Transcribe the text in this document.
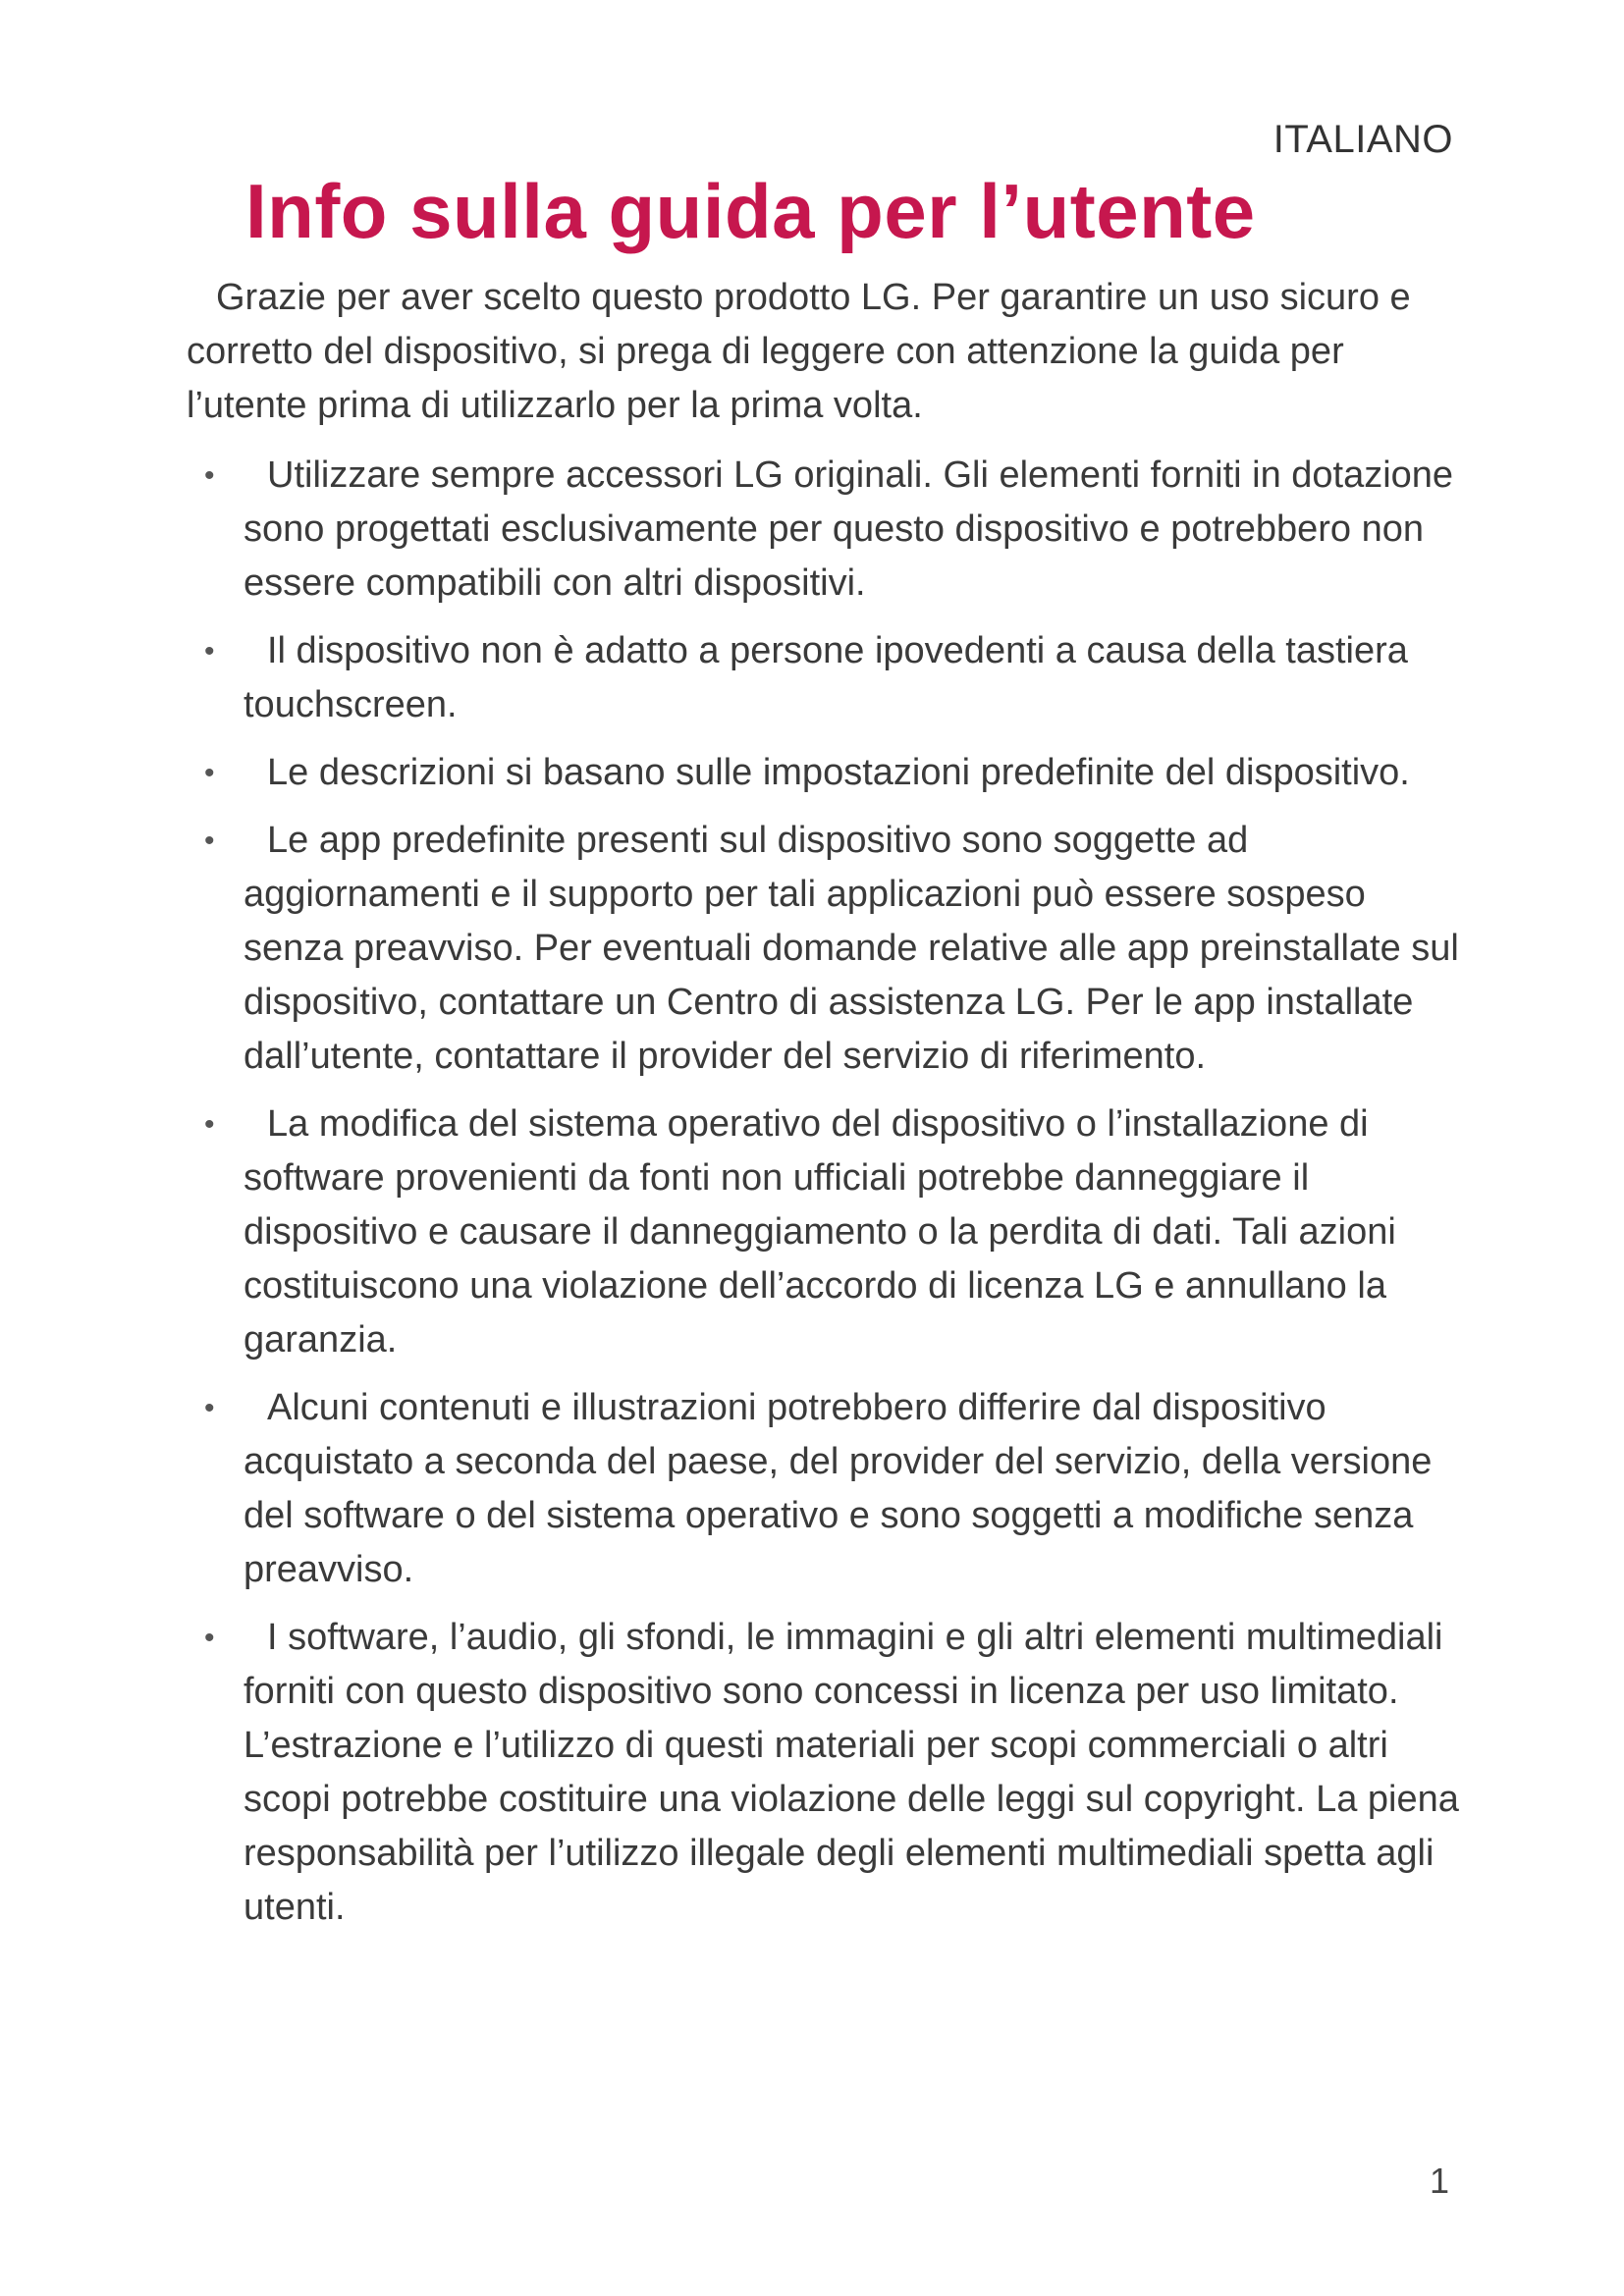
ITALIANO
Info sulla guida per l’utente

Grazie per aver scelto questo prodotto LG. Per garantire un uso sicuro e corretto del dispositivo, si prega di leggere con attenzione la guida per l’utente prima di utilizzarlo per la prima volta.

• Utilizzare sempre accessori LG originali. Gli elementi forniti in dotazione sono progettati esclusivamente per questo dispositivo e potrebbero non essere compatibili con altri dispositivi.
• Il dispositivo non è adatto a persone ipovedenti a causa della tastiera touchscreen.
• Le descrizioni si basano sulle impostazioni predefinite del dispositivo.
• Le app predefinite presenti sul dispositivo sono soggette ad aggiornamenti e il supporto per tali applicazioni può essere sospeso senza preavviso. Per eventuali domande relative alle app preinstallate sul dispositivo, contattare un Centro di assistenza LG. Per le app installate dall’utente, contattare il provider del servizio di riferimento.
• La modifica del sistema operativo del dispositivo o l’installazione di software provenienti da fonti non ufficiali potrebbe danneggiare il dispositivo e causare il danneggiamento o la perdita di dati. Tali azioni costituiscono una violazione dell’accordo di licenza LG e annullano la garanzia.
• Alcuni contenuti e illustrazioni potrebbero differire dal dispositivo acquistato a seconda del paese, del provider del servizio, della versione del software o del sistema operativo e sono soggetti a modifiche senza preavviso.
• I software, l’audio, gli sfondi, le immagini e gli altri elementi multimediali forniti con questo dispositivo sono concessi in licenza per uso limitato. L’estrazione e l’utilizzo di questi materiali per scopi commerciali o altri scopi potrebbe costituire una violazione delle leggi sul copyright. La piena responsabilità per l’utilizzo illegale degli elementi multimediali spetta agli utenti.
1
